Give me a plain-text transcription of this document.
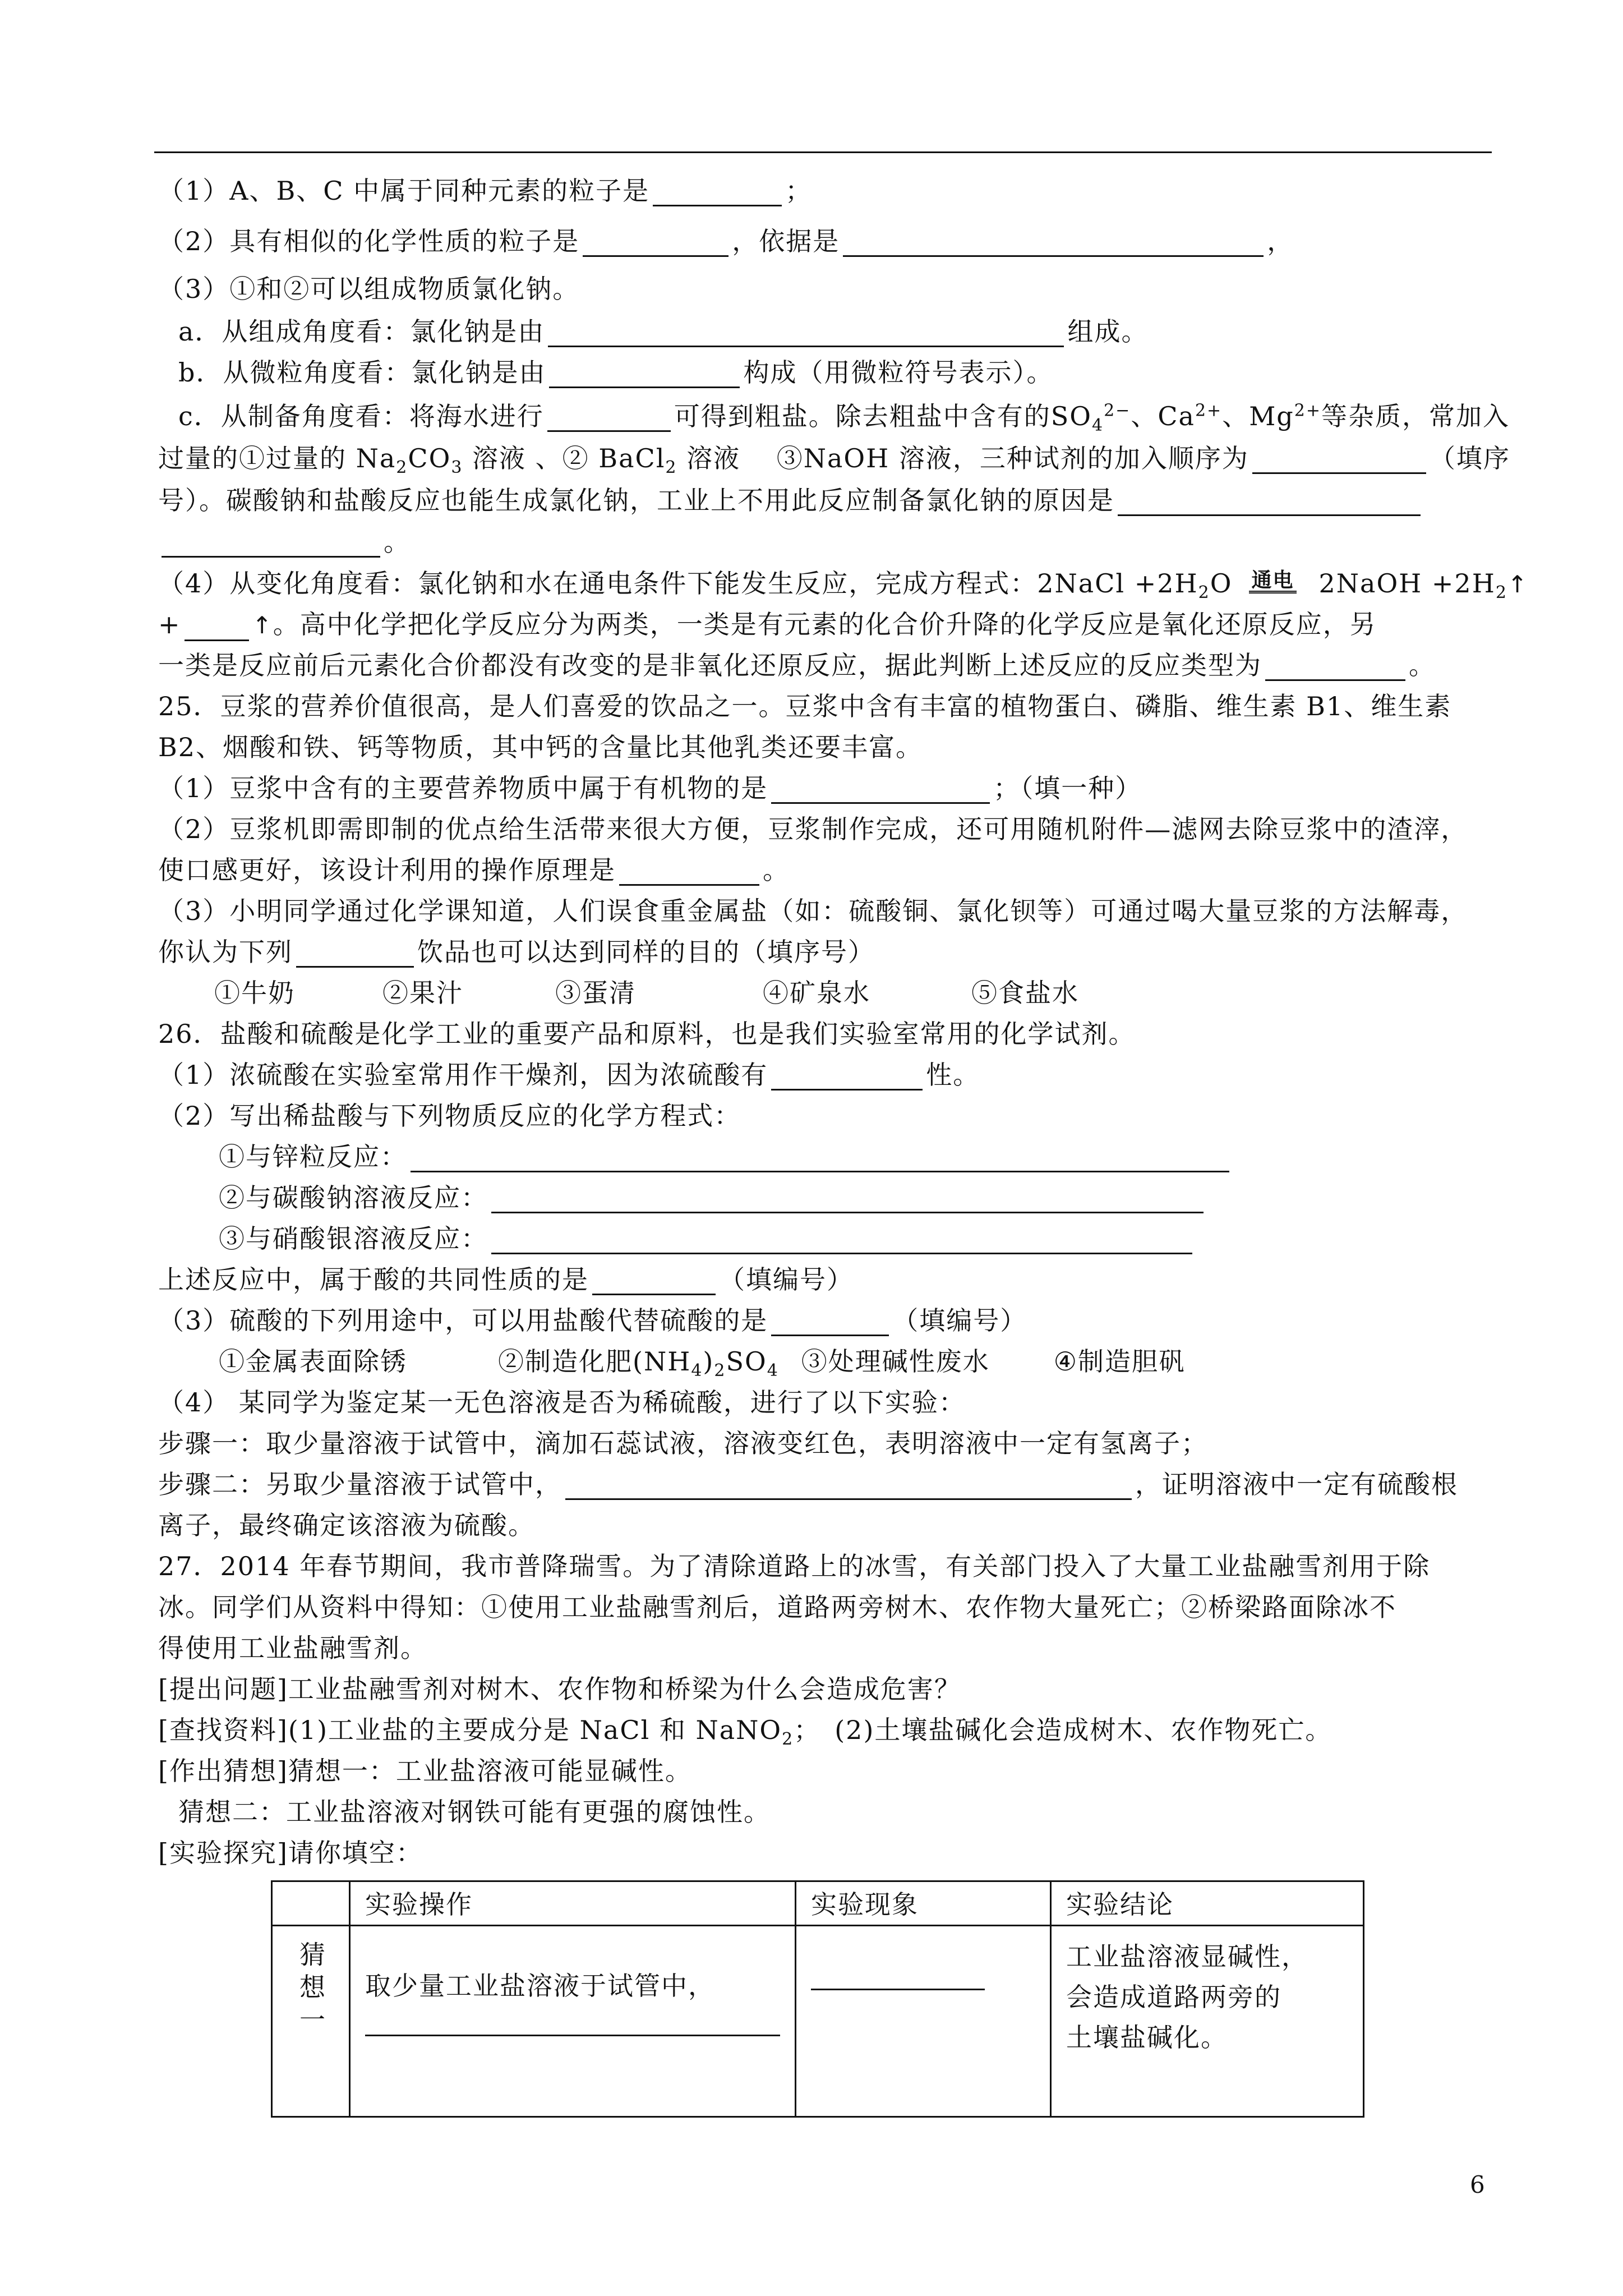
（1）A、B、C 中属于同种元素的粒子是	；
（2）具有相似的化学性质的粒子是	，依据是	，
（3）①和②可以组成物质氯化钠。
a．从组成角度看：氯化钠是由	组成。
b．从微粒角度看：氯化钠是由	构成（用微粒符号表示）。
c．从制备角度看：将海水进行	可得到粗盐。除去粗盐中含有的$SO_4^{2-}$、$Ca^{2+}$、$Mg^{2+}$等杂质，常加入
过量的①过量的 $Na_2CO_3$ 溶液 、② BaCl$_2$ 溶液　 ③NaOH 溶液，三种试剂的加入顺序为	（填序
号）。碳酸钠和盐酸反应也能生成氯化钠，工业上不用此反应制备氯化钠的原因是
。
（4）从变化角度看：氯化钠和水在通电条件下能发生反应，完成方程式：2NaCl $+2H_2O$ 通电 2NaOH $+2H_2↑$
+	↑。高中化学把化学反应分为两类，一类是有元素的化合价升降的化学反应是氧化还原反应，另
一类是反应前后元素化合价都没有改变的是非氧化还原反应，据此判断上述反应的反应类型为	。
25．豆浆的营养价值很高，是人们喜爱的饮品之一。豆浆中含有丰富的植物蛋白、磷脂、维生素 B1、维生素
B2、烟酸和铁、钙等物质，其中钙的含量比其他乳类还要丰富。
（1）豆浆中含有的主要营养物质中属于有机物的是	；（填一种）
（2）豆浆机即需即制的优点给生活带来很大方便，豆浆制作完成，还可用随机附件—滤网去除豆浆中的渣滓，
使口感更好，该设计利用的操作原理是	。
（3）小明同学通过化学课知道，人们误食重金属盐（如：硫酸铜、氯化钡等）可通过喝大量豆浆的方法解毒，
你认为下列	饮品也可以达到同样的目的（填序号）
①牛奶	②果汁	③蛋清	④矿泉水	⑤食盐水
26．盐酸和硫酸是化学工业的重要产品和原料，也是我们实验室常用的化学试剂。
（1）浓硫酸在实验室常用作干燥剂，因为浓硫酸有	性。
（2）写出稀盐酸与下列物质反应的化学方程式：
①与锌粒反应：
②与碳酸钠溶液反应：
③与硝酸银溶液反应：
上述反应中，属于酸的共同性质的是	（填编号）
（3）硫酸的下列用途中，可以用盐酸代替硫酸的是	（填编号）
①金属表面除锈	②制造化肥$(NH_4)_2SO_4$ ③处理碱性废水 ④制造胆矾
（4） 某同学为鉴定某一无色溶液是否为稀硫酸，进行了以下实验：
步骤一：取少量溶液于试管中，滴加石蕊试液，溶液变红色，表明溶液中一定有氢离子；
步骤二：另取少量溶液于试管中，	，证明溶液中一定有硫酸根
离子，最终确定该溶液为硫酸。
27．2014 年春节期间，我市普降瑞雪。为了清除道路上的冰雪，有关部门投入了大量工业盐融雪剂用于除
冰。同学们从资料中得知：①使用工业盐融雪剂后，道路两旁树木、农作物大量死亡；②桥梁路面除冰不
得使用工业盐融雪剂。
[提出问题]工业盐融雪剂对树木、农作物和桥梁为什么会造成危害？
[查找资料](1)工业盐的主要成分是 NaCl 和 NaNO$_2$；　(2)土壤盐碱化会造成树木、农作物死亡。
[作出猜想]猜想一：工业盐溶液可能显碱性。
猜想二：工业盐溶液对钢铁可能有更强的腐蚀性。
[实验探究]请你填空：
	实验操作	实验现象	实验结论

猜想一	取少量工业盐溶液于试管中，		工业盐溶液显碱性，
会造成道路两旁的
土壤盐碱化。
6
